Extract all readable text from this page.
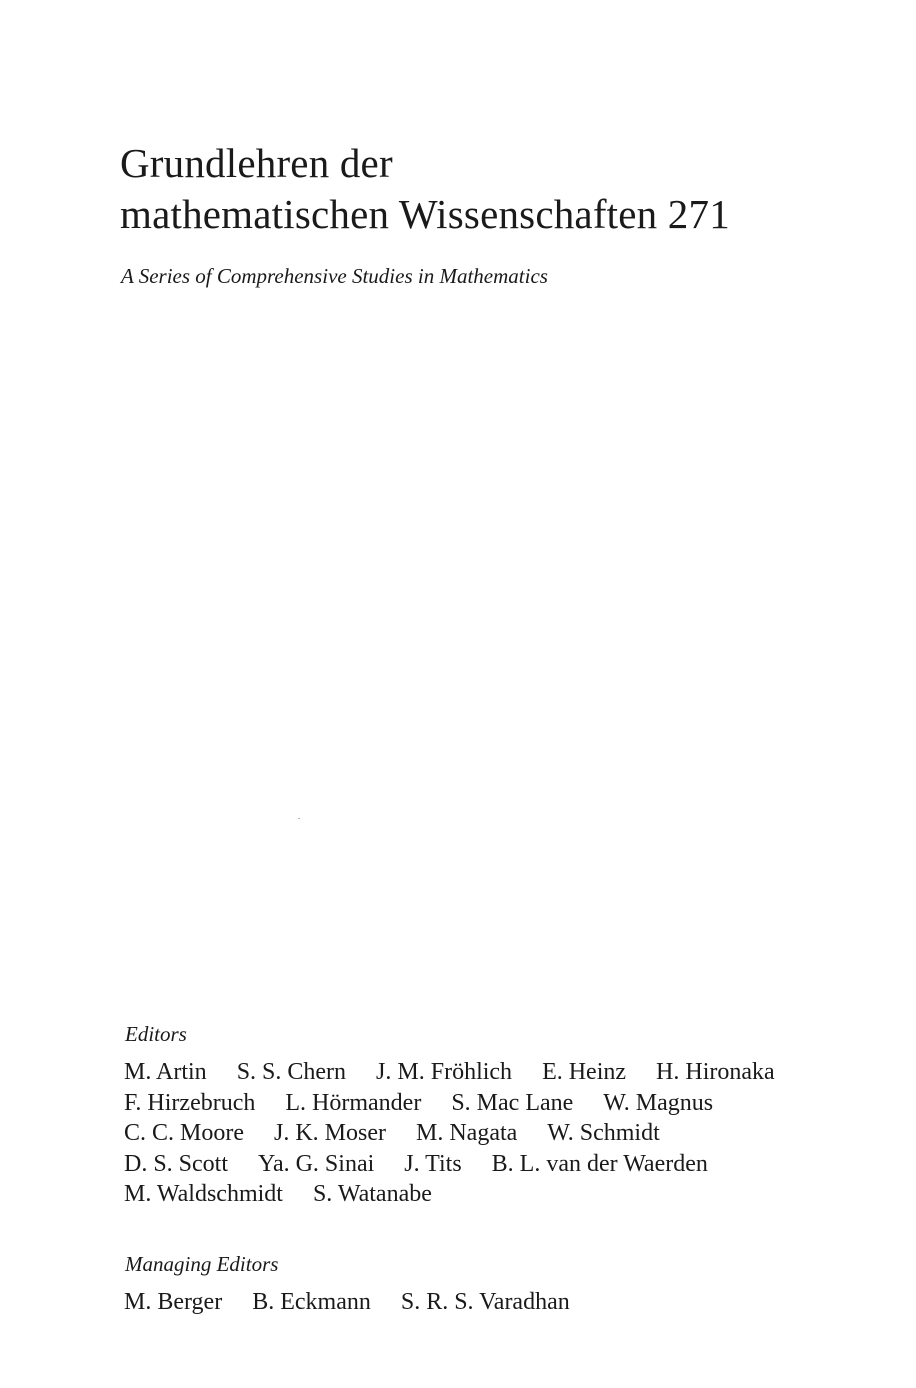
Grundlehren der
mathematischen Wissenschaften 271

A Series of Comprehensive Studies in Mathematics

Editors

M. Artin S. S. Chern J. M. Fröhlich E. Heinz H. Hironaka
F. Hirzebruch L. Hörmander S. Mac Lane W. Magnus
C. C. Moore J. K. Moser M. Nagata W. Schmidt
D. S. Scott Ya. G. Sinai J. Tits B. L. van der Waerden
M. Waldschmidt S. Watanabe

Managing Editors

M. Berger B. Eckmann S. R. S. Varadhan
